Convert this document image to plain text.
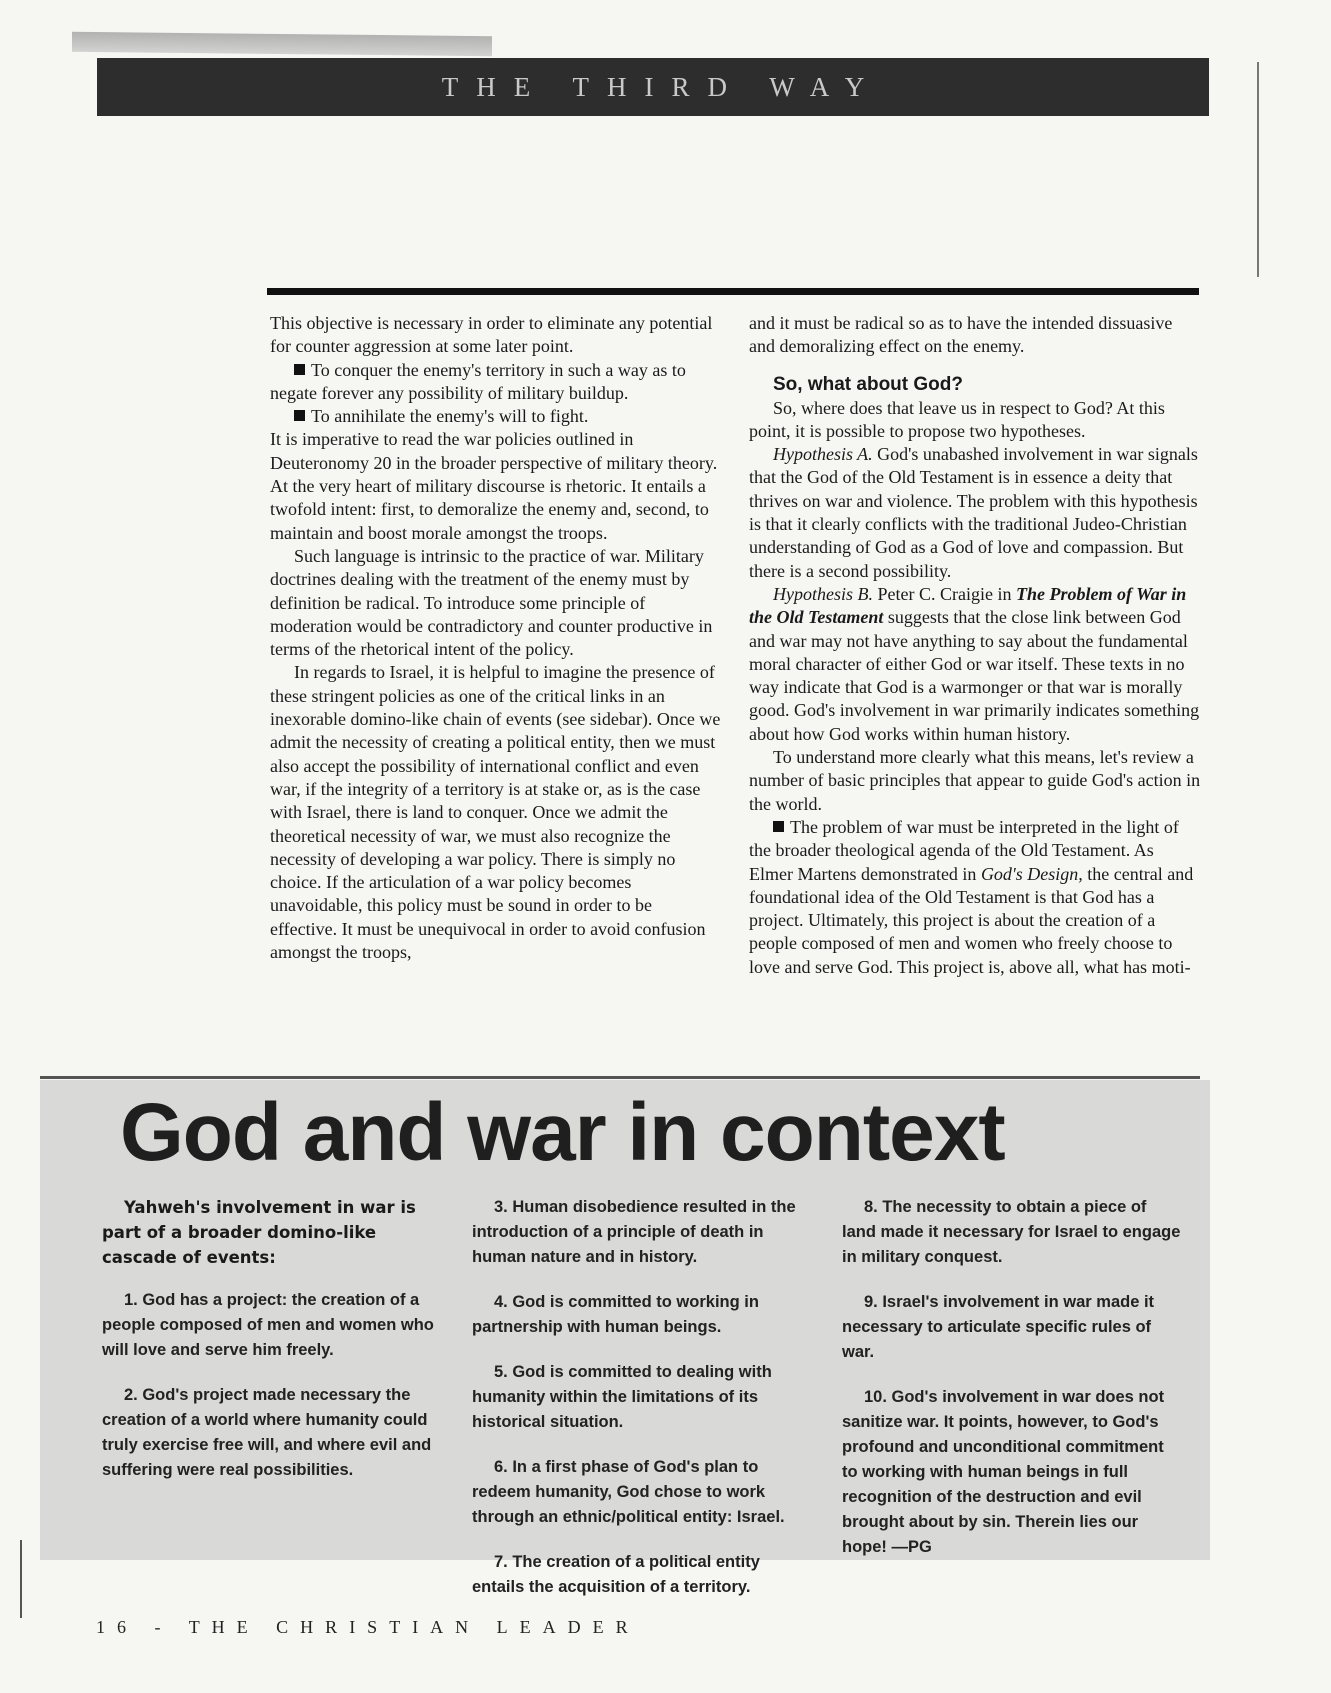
THE THIRD WAY

This objective is necessary in order to eliminate any potential for counter aggression at some later point.

To conquer the enemy's territory in such a way as to negate forever any possibility of military buildup.

To annihilate the enemy's will to fight.

It is imperative to read the war policies outlined in Deuteronomy 20 in the broader perspective of military theory. At the very heart of military discourse is rhetoric. It entails a twofold intent: first, to demoralize the enemy and, second, to maintain and boost morale amongst the troops.

Such language is intrinsic to the practice of war. Military doctrines dealing with the treatment of the enemy must by definition be radical. To introduce some principle of moderation would be contradictory and counter productive in terms of the rhetorical intent of the policy.

In regards to Israel, it is helpful to imagine the presence of these stringent policies as one of the critical links in an inexorable domino-like chain of events (see sidebar). Once we admit the necessity of creating a political entity, then we must also accept the possibility of international conflict and even war, if the integrity of a territory is at stake or, as is the case with Israel, there is land to conquer. Once we admit the theoretical necessity of war, we must also recognize the necessity of developing a war policy. There is simply no choice. If the articulation of a war policy becomes unavoidable, this policy must be sound in order to be effective. It must be unequivocal in order to avoid confusion amongst the troops,

and it must be radical so as to have the intended dissuasive and demoralizing effect on the enemy.

So, what about God?

So, where does that leave us in respect to God? At this point, it is possible to propose two hypotheses.

Hypothesis A. God's unabashed involvement in war signals that the God of the Old Testament is in essence a deity that thrives on war and violence. The problem with this hypothesis is that it clearly conflicts with the traditional Judeo-Christian understanding of God as a God of love and compassion. But there is a second possibility.

Hypothesis B. Peter C. Craigie in The Problem of War in the Old Testament suggests that the close link between God and war may not have anything to say about the fundamental moral character of either God or war itself. These texts in no way indicate that God is a warmonger or that war is morally good. God's involvement in war primarily indicates something about how God works within human history.

To understand more clearly what this means, let's review a number of basic principles that appear to guide God's action in the world.

The problem of war must be interpreted in the light of the broader theological agenda of the Old Testament. As Elmer Martens demonstrated in God's Design, the central and foundational idea of the Old Testament is that God has a project. Ultimately, this project is about the creation of a people composed of men and women who freely choose to love and serve God. This project is, above all, what has moti-

God and war in context

Yahweh's involvement in war is part of a broader domino-like cascade of events:

1. God has a project: the creation of a people composed of men and women who will love and serve him freely.

2. God's project made necessary the creation of a world where humanity could truly exercise free will, and where evil and suffering were real possibilities.

3. Human disobedience resulted in the introduction of a principle of death in human nature and in history.

4. God is committed to working in partnership with human beings.

5. God is committed to dealing with humanity within the limitations of its historical situation.

6. In a first phase of God's plan to redeem humanity, God chose to work through an ethnic/political entity: Israel.

7. The creation of a political entity entails the acquisition of a territory.

8. The necessity to obtain a piece of land made it necessary for Israel to engage in military conquest.

9. Israel's involvement in war made it necessary to articulate specific rules of war.

10. God's involvement in war does not sanitize war. It points, however, to God's profound and unconditional commitment to working with human beings in full recognition of the destruction and evil brought about by sin. Therein lies our hope! —PG

16 - THE CHRISTIAN LEADER
